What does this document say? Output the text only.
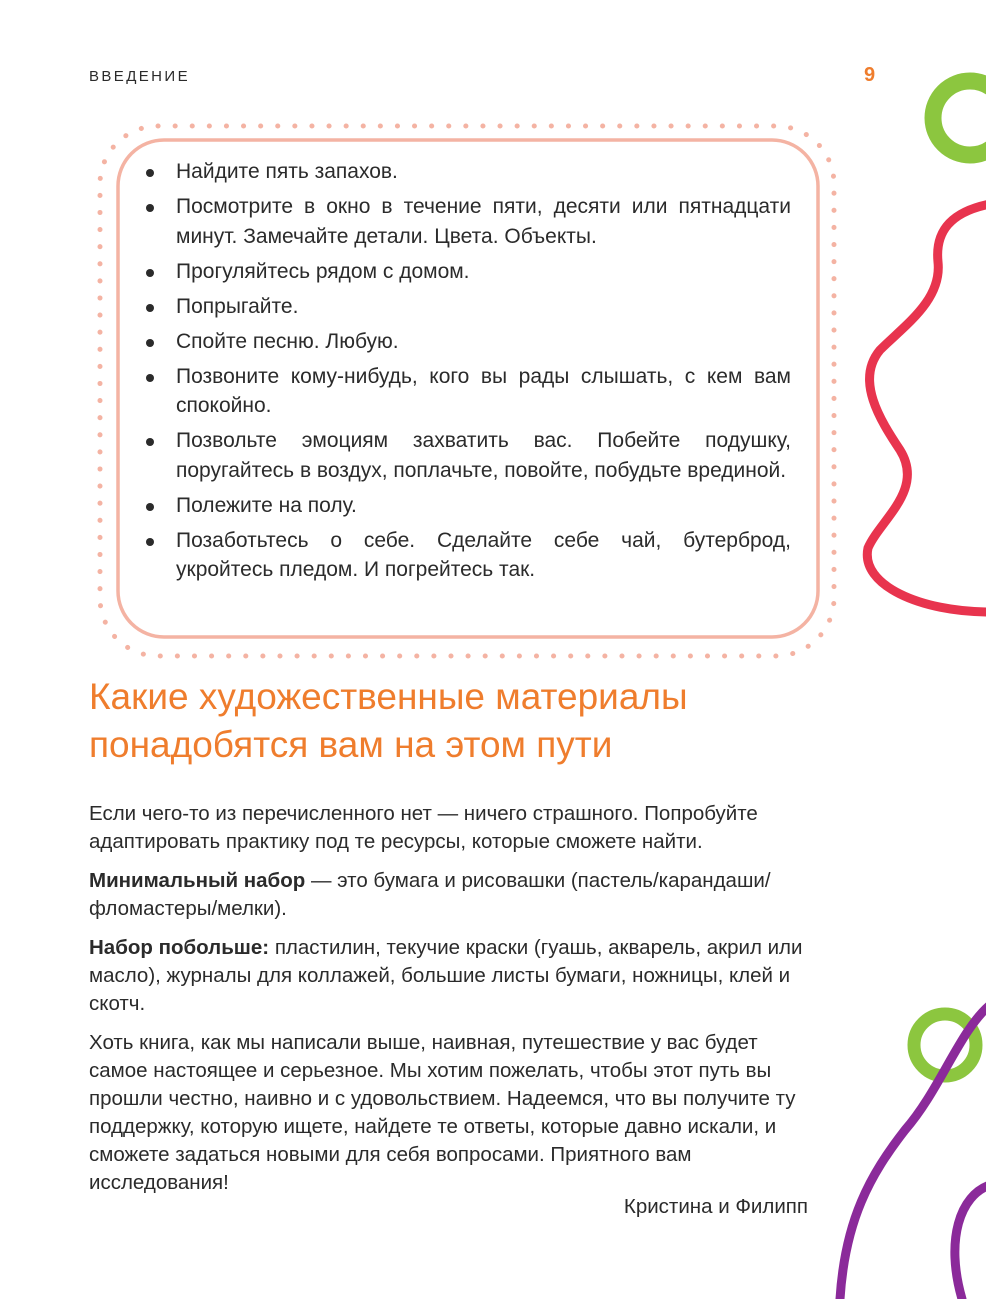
ВВЕДЕНИЕ	9
Найдите пять запахов.
Посмотрите в окно в течение пяти, десяти или пятнадцати минут. Замечайте детали. Цвета. Объекты.
Прогуляйтесь рядом с домом.
Попрыгайте.
Спойте песню. Любую.
Позвоните кому-нибудь, кого вы рады слышать, с кем вам спокойно.
Позвольте эмоциям захватить вас. Побейте подушку, поругайтесь в воздух, поплачьте, повойте, побудьте врединой.
Полежите на полу.
Позаботьтесь о себе. Сделайте себе чай, бутерброд, укройтесь пледом. И погрейтесь так.
Какие художественные материалы понадобятся вам на этом пути

Если чего-то из перечисленного нет — ничего страшного. Попробуйте адаптировать практику под те ресурсы, которые сможете найти.

Минимальный набор — это бумага и рисовашки (пастель/карандаши/фломастеры/мелки).

Набор побольше: пластилин, текучие краски (гуашь, акварель, акрил или масло), журналы для коллажей, большие листы бумаги, ножницы, клей и скотч.

Хоть книга, как мы написали выше, наивная, путешествие у вас будет самое настоящее и серьезное. Мы хотим пожелать, чтобы этот путь вы прошли честно, наивно и с удовольствием. Надеемся, что вы получите ту поддержку, которую ищете, найдете те ответы, которые давно искали, и сможете задаться новыми для себя вопросами. Приятного вам исследования!

Кристина и Филипп
